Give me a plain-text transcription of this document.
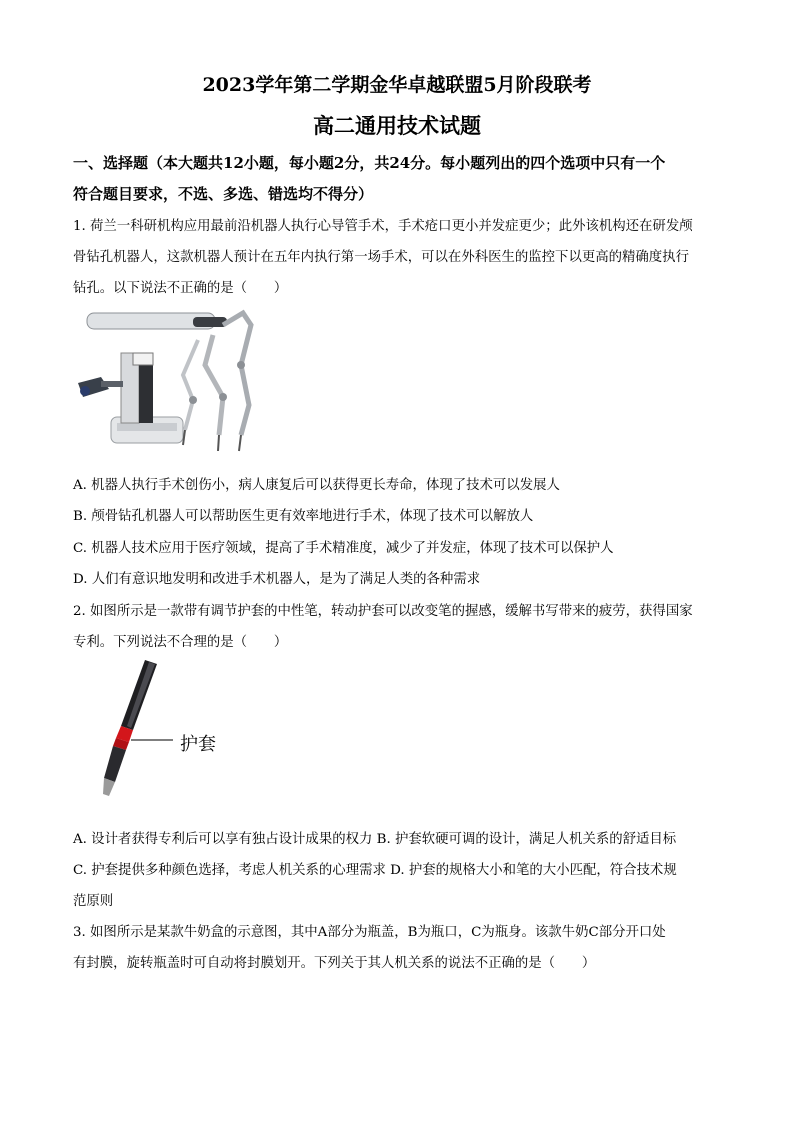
2023学年第二学期金华卓越联盟5月阶段联考
高二通用技术试题
一、选择题（本大题共12小题，每小题2分，共24分。每小题列出的四个选项中只有一个
符合题目要求，不选、多选、错选均不得分）
1. 荷兰一科研机构应用最前沿机器人执行心导管手术，手术疮口更小并发症更少；此外该机构还在研发颅
骨钻孔机器人，这款机器人预计在五年内执行第一场手术，可以在外科医生的监控下以更高的精确度执行
钻孔。以下说法不正确的是（　　）
A. 机器人执行手术创伤小，病人康复后可以获得更长寿命，体现了技术可以发展人
B. 颅骨钻孔机器人可以帮助医生更有效率地进行手术，体现了技术可以解放人
C. 机器人技术应用于医疗领域，提高了手术精准度，减少了并发症，体现了技术可以保护人
D. 人们有意识地发明和改进手术机器人，是为了满足人类的各种需求
2. 如图所示是一款带有调节护套的中性笔，转动护套可以改变笔的握感，缓解书写带来的疲劳，获得国家
专利。下列说法不合理的是（　　）
护套
A. 设计者获得专利后可以享有独占设计成果的权力 B. 护套软硬可调的设计，满足人机关系的舒适目标
C. 护套提供多种颜色选择，考虑人机关系的心理需求 D. 护套的规格大小和笔的大小匹配，符合技术规
范原则
3. 如图所示是某款牛奶盒的示意图，其中A部分为瓶盖，B为瓶口，C为瓶身。该款牛奶C部分开口处
有封膜，旋转瓶盖时可自动将封膜划开。下列关于其人机关系的说法不正确的是（　　）
